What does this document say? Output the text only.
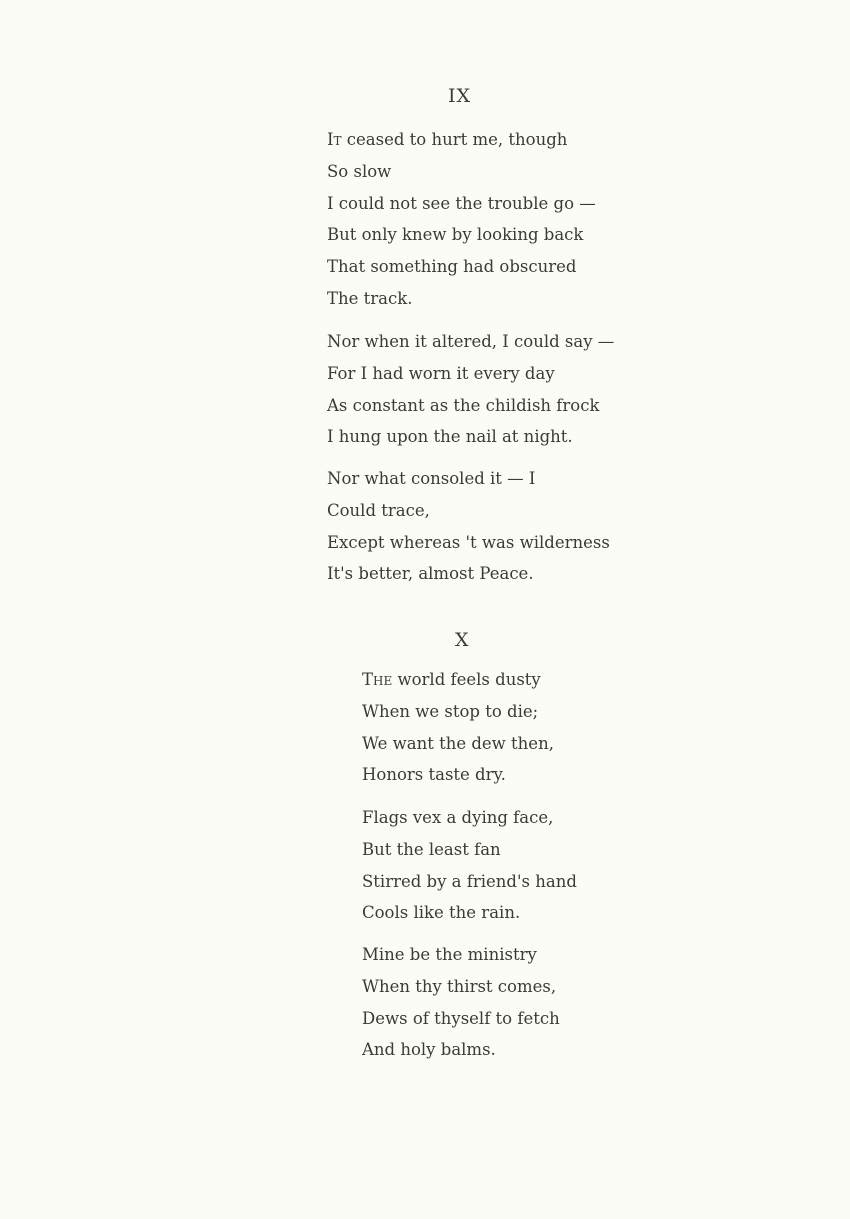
IX
It ceased to hurt me, though
So slow
I could not see the trouble go —
But only knew by looking back
That something had obscured
The track.
Nor when it altered, I could say —
For I had worn it every day
As constant as the childish frock
I hung upon the nail at night.
Nor what consoled it — I
Could trace,
Except whereas 't was wilderness
It's better, almost Peace.
X
The world feels dusty
When we stop to die;
We want the dew then,
Honors taste dry.
Flags vex a dying face,
But the least fan
Stirred by a friend's hand
Cools like the rain.
Mine be the ministry
When thy thirst comes,
Dews of thyself to fetch
And holy balms.
